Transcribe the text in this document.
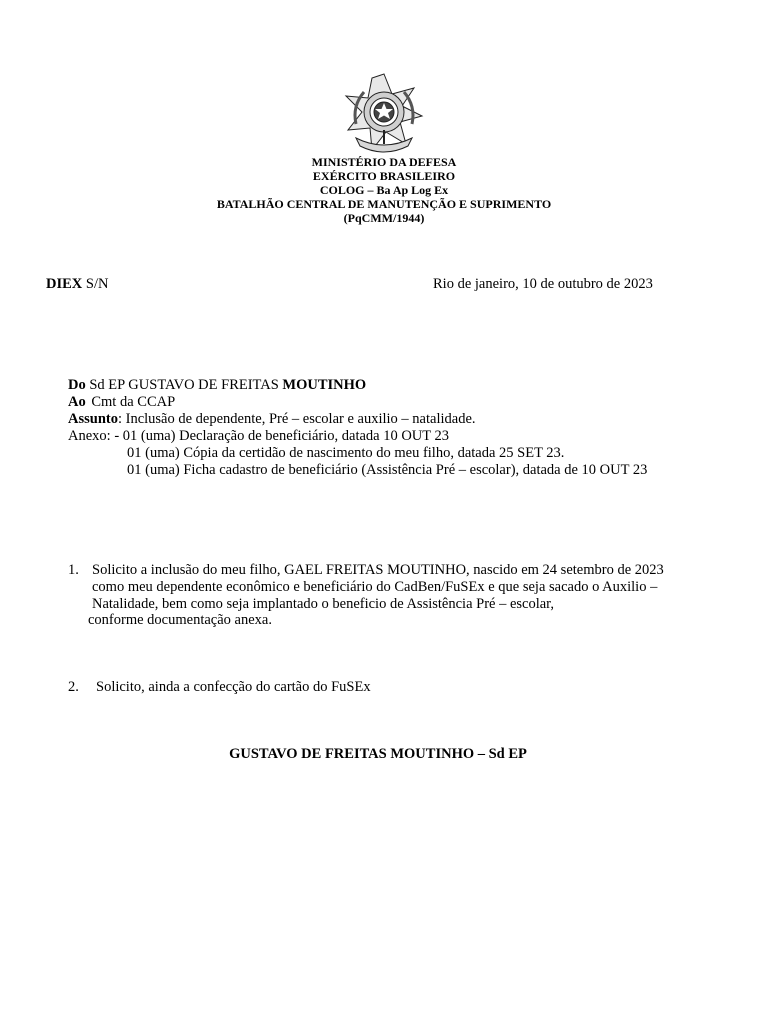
MINISTÉRIO DA DEFESA
EXÉRCITO BRASILEIRO
COLOG – Ba Ap Log Ex
BATALHÃO CENTRAL DE MANUTENÇÃO E SUPRIMENTO
(PqCMM/1944)
DIEX S/N	Rio de janeiro, 10 de outubro de 2023
Do Sd EP GUSTAVO DE FREITAS MOUTINHO
Ao Cmt da CCAP
Assunto: Inclusão de dependente, Pré – escolar e auxilio – natalidade.
Anexo: - 01 (uma) Declaração de beneficiário, datada 10 OUT 23
01 (uma) Cópia da certidão de nascimento do meu filho, datada 25 SET 23.
01 (uma) Ficha cadastro de beneficiário (Assistência Pré – escolar), datada de 10 OUT 23
1. Solicito a inclusão do meu filho, GAEL FREITAS MOUTINHO, nascido em 24 setembro de 2023
como meu dependente econômico e beneficiário do CadBen/FuSEx e que seja sacado o Auxilio –
Natalidade, bem como seja implantado o beneficio de Assistência Pré – escolar,
conforme documentação anexa.
2. Solicito, ainda a confecção do cartão do FuSEx
GUSTAVO DE FREITAS MOUTINHO – Sd EP
